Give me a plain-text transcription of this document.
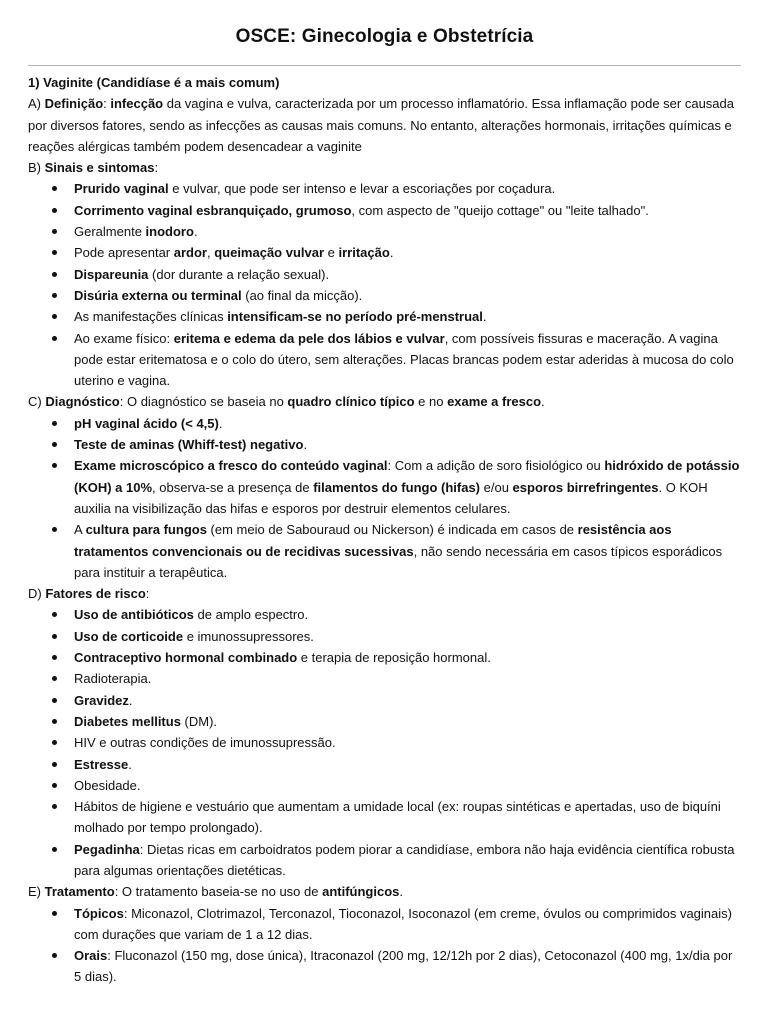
OSCE: Ginecologia e Obstetrícia

1) Vaginite (Candidíase é a mais comum)

A) Definição: infecção da vagina e vulva, caracterizada por um processo inflamatório. Essa inflamação pode ser causada por diversos fatores, sendo as infecções as causas mais comuns. No entanto, alterações hormonais, irritações químicas e reações alérgicas também podem desencadear a vaginite

B) Sinais e sintomas:

Prurido vaginal e vulvar, que pode ser intenso e levar a escoriações por coçadura.
Corrimento vaginal esbranquiçado, grumoso, com aspecto de "queijo cottage" ou "leite talhado".
Geralmente inodoro.
Pode apresentar ardor, queimação vulvar e irritação.
Dispareunia (dor durante a relação sexual).
Disúria externa ou terminal (ao final da micção).
As manifestações clínicas intensificam-se no período pré-menstrual.
Ao exame físico: eritema e edema da pele dos lábios e vulvar, com possíveis fissuras e maceração. A vagina pode estar eritematosa e o colo do útero, sem alterações. Placas brancas podem estar aderidas à mucosa do colo uterino e vagina.

C) Diagnóstico: O diagnóstico se baseia no quadro clínico típico e no exame a fresco.

pH vaginal ácido (< 4,5).
Teste de aminas (Whiff-test) negativo.
Exame microscópico a fresco do conteúdo vaginal: Com a adição de soro fisiológico ou hidróxido de potássio (KOH) a 10%, observa-se a presença de filamentos do fungo (hifas) e/ou esporos birrefringentes. O KOH auxilia na visibilização das hifas e esporos por destruir elementos celulares.
A cultura para fungos (em meio de Sabouraud ou Nickerson) é indicada em casos de resistência aos tratamentos convencionais ou de recidivas sucessivas, não sendo necessária em casos típicos esporádicos para instituir a terapêutica.

D) Fatores de risco:

Uso de antibióticos de amplo espectro.
Uso de corticoide e imunossupressores.
Contraceptivo hormonal combinado e terapia de reposição hormonal.
Radioterapia.
Gravidez.
Diabetes mellitus (DM).
HIV e outras condições de imunossupressão.
Estresse.
Obesidade.
Hábitos de higiene e vestuário que aumentam a umidade local (ex: roupas sintéticas e apertadas, uso de biquíni molhado por tempo prolongado).
Pegadinha: Dietas ricas em carboidratos podem piorar a candidíase, embora não haja evidência científica robusta para algumas orientações dietéticas.

E) Tratamento: O tratamento baseia-se no uso de antifúngicos.

Tópicos: Miconazol, Clotrimazol, Terconazol, Tioconazol, Isoconazol (em creme, óvulos ou comprimidos vaginais) com durações que variam de 1 a 12 dias.
Orais: Fluconazol (150 mg, dose única), Itraconazol (200 mg, 12/12h por 2 dias), Cetoconazol (400 mg, 1x/dia por 5 dias).
